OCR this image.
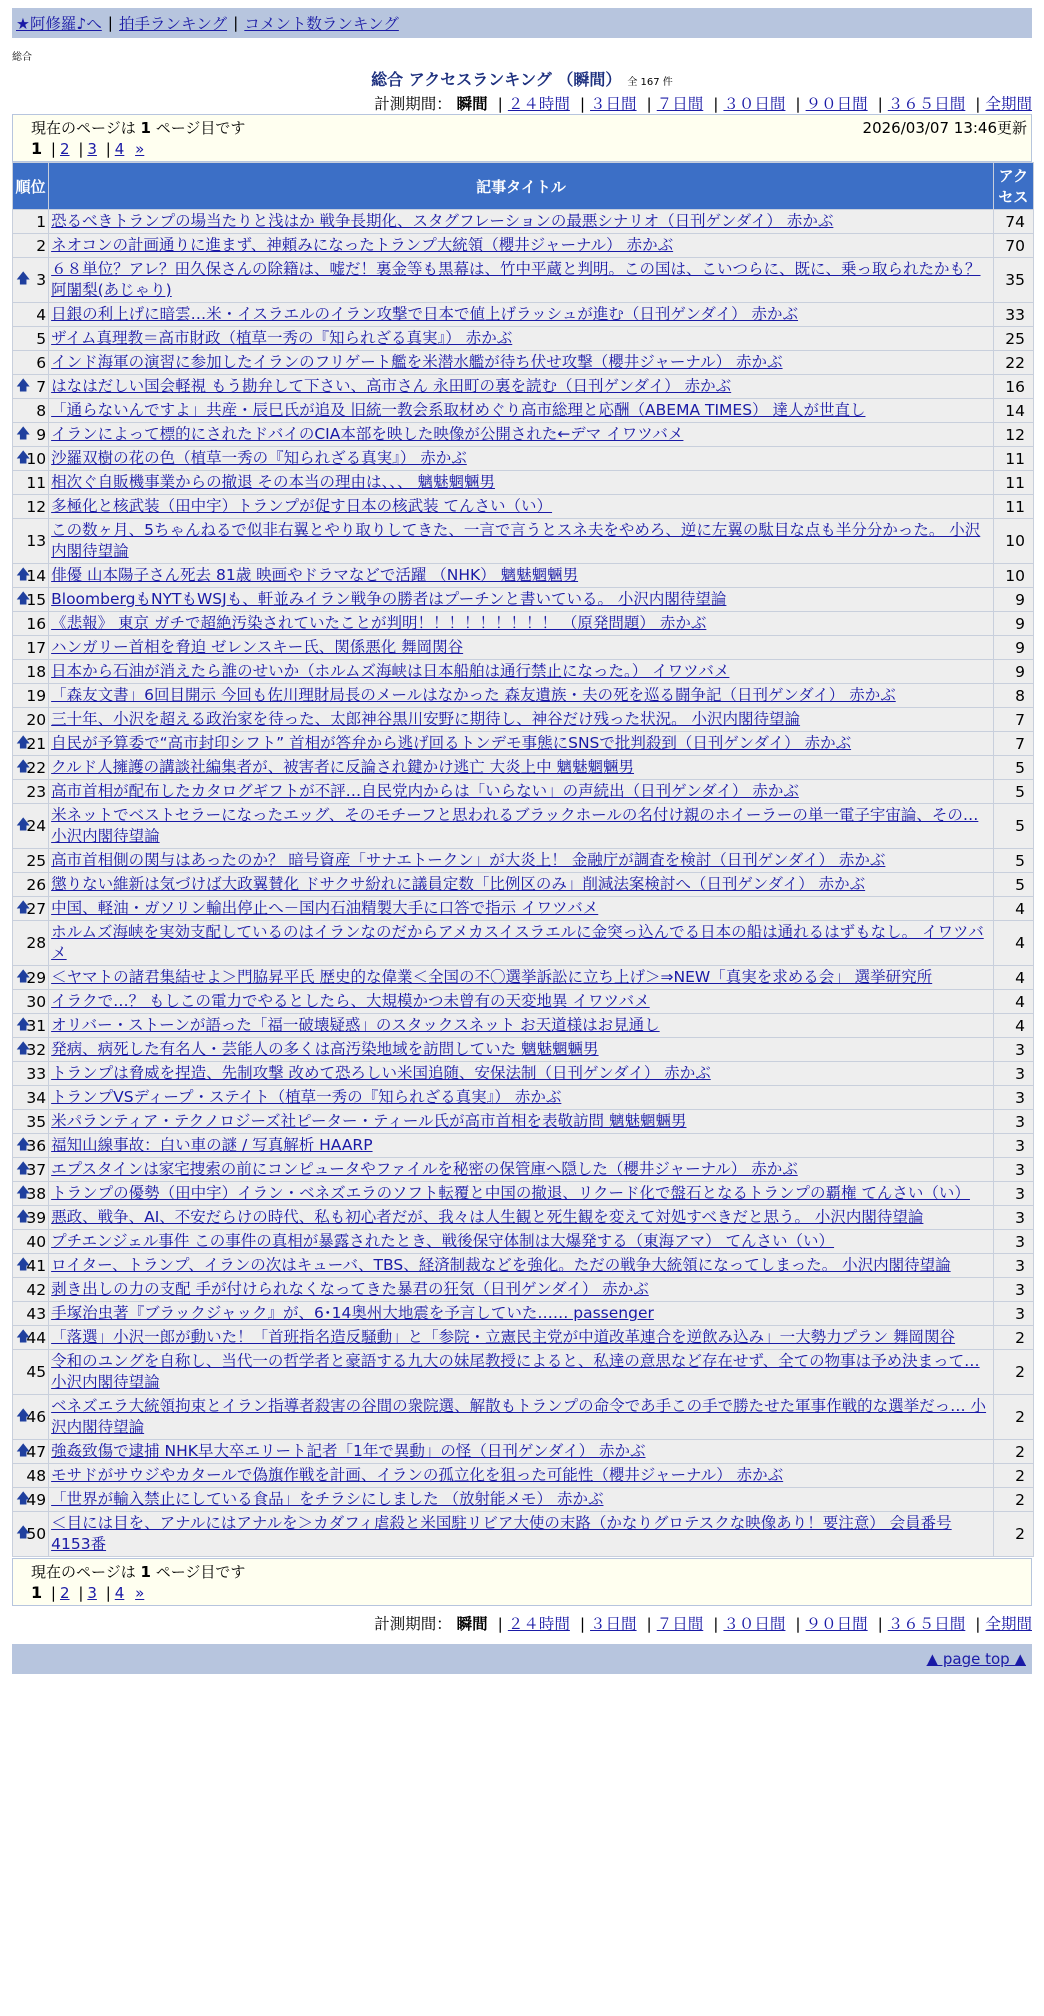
★阿修羅♪へ | 拍手ランキング | コメント数ランキング
総合
総合 アクセスランキング （瞬間） 全 167 件
計測期間： 瞬間 | ２４時間 | ３日間 | ７日間 | ３０日間 | ９０日間 | ３６５日間 | 全期間
現在のページは 1 ページ目です	2026/03/07 13:46更新
1 | 2 | 3 | 4 »
順位	記事タイトル	アクセス
1	恐るべきトランプの場当たりと浅はか 戦争長期化、スタグフレーションの最悪シナリオ（日刊ゲンダイ） 赤かぶ	74
2	ネオコンの計画通りに進まず、神頼みになったトランプ大統領（櫻井ジャーナル） 赤かぶ	70

🡅 3	６８単位？アレ？田久保さんの除籍は、嘘だ！裏金等も黒幕は、竹中平蔵と判明。この国は、こいつらに、既に、乗っ取られたかも？ 阿闍梨(あじゃり)	35
4	日銀の利上げに暗雲…米・イスラエルのイラン攻撃で日本で値上げラッシュが進む（日刊ゲンダイ） 赤かぶ	33
5	ザイム真理教＝高市財政（植草一秀の『知られざる真実』） 赤かぶ	25
6	インド海軍の演習に参加したイランのフリゲート艦を米潜水艦が待ち伏せ攻撃（櫻井ジャーナル） 赤かぶ	22

🡅 7	はなはだしい国会軽視 もう勘弁して下さい、高市さん 永田町の裏を読む（日刊ゲンダイ） 赤かぶ	16
8	「通らないんですよ」共産・辰巳氏が追及 旧統一教会系取材めぐり高市総理と応酬（ABEMA TIMES） 達人が世直し	14

🡅 9	イランによって標的にされたドバイのCIA本部を映した映像が公開された←デマ イワツバメ	12

🡅
10	沙羅双樹の花の色（植草一秀の『知られざる真実』） 赤かぶ	11
11	相次ぐ自販機事業からの撤退 その本当の理由は、、、 魑魅魍魎男	11
12	多極化と核武装（田中宇）トランプが促す日本の核武装 てんさい（い）	11
13	この数ヶ月、5ちゃんねるで似非右翼とやり取りしてきた、一言で言うとスネ夫をやめろ、逆に左翼の駄目な点も半分分かった。 小沢内閣待望論	10

🡅
14	俳優 山本陽子さん死去 81歳 映画やドラマなどで活躍 （NHK） 魑魅魍魎男	10

🡅
15	BloombergもNYTもWSJも、軒並みイラン戦争の勝者はプーチンと書いている。 小沢内閣待望論	9
16	《悲報》 東京 ガチで超絶汚染されていたことが判明！！！！！！！！！ （原発問題） 赤かぶ	9
17	ハンガリー首相を脅迫 ゼレンスキー氏、関係悪化 舞岡関谷	9
18	日本から石油が消えたら誰のせいか（ホルムズ海峡は日本船舶は通行禁止になった。） イワツバメ	9
19	「森友文書」6回目開示 今回も佐川理財局長のメールはなかった 森友遺族・夫の死を巡る闘争記（日刊ゲンダイ） 赤かぶ	8
20	三十年、小沢を超える政治家を待った、太郎神谷黒川安野に期待し、神谷だけ残った状況。 小沢内閣待望論	7

🡅
21	自民が予算委で“高市封印シフト” 首相が答弁から逃げ回るトンデモ事態にSNSで批判殺到（日刊ゲンダイ） 赤かぶ	7

🡅
22	クルド人擁護の講談社編集者が、被害者に反論され鍵かけ逃亡 大炎上中 魑魅魍魎男	5
23	高市首相が配布したカタログギフトが不評…自民党内からは「いらない」の声続出（日刊ゲンダイ） 赤かぶ	5

🡅
24	米ネットでベストセラーになったエッグ、そのモチーフと思われるブラックホールの名付け親のホイーラーの単一電子宇宙論、その… 小沢内閣待望論	5
25	高市首相側の関与はあったのか？ 暗号資産「サナエトークン」が大炎上！ 金融庁が調査を検討（日刊ゲンダイ） 赤かぶ	5
26	懲りない維新は気づけば大政翼賛化 ドサクサ紛れに議員定数「比例区のみ」削減法案検討へ（日刊ゲンダイ） 赤かぶ	5

🡅
27	中国、軽油・ガソリン輸出停止へ－国内石油精製大手に口答で指示 イワツバメ	4
28	ホルムズ海峡を実効支配しているのはイランなのだからアメカスイスラエルに金突っ込んでる日本の船は通れるはずもなし。 イワツバメ	4

🡅
29	＜ヤマトの諸君集結せよ＞門脇昇平氏 歴史的な偉業＜全国の不〇選挙訴訟に立ち上げ＞⇒NEW「真実を求める会」 選挙研究所	4
30	イラクで…？ もしこの電力でやるとしたら、大規模かつ未曾有の天変地異 イワツバメ	4

🡅
31	オリバー・ストーンが語った「福一破壊疑惑」のスタックスネット お天道様はお見通し	4

🡅
32	発病、病死した有名人・芸能人の多くは高汚染地域を訪問していた 魑魅魍魎男	3
33	トランプは脅威を捏造、先制攻撃 改めて恐ろしい米国追随、安保法制（日刊ゲンダイ） 赤かぶ	3
34	トランプVSディープ・ステイト（植草一秀の『知られざる真実』） 赤かぶ	3
35	米パランティア・テクノロジーズ社ピーター・ティール氏が高市首相を表敬訪問 魑魅魍魎男	3

🡅
36	福知山線事故：白い車の謎 / 写真解析 HAARP	3

🡅
37	エプスタインは家宅捜索の前にコンピュータやファイルを秘密の保管庫へ隠した（櫻井ジャーナル） 赤かぶ	3

🡅
38	トランプの優勢（田中宇）イラン・ベネズエラのソフト転覆と中国の撤退、リクード化で盤石となるトランプの覇権 てんさい（い）	3

🡅
39	悪政、戦争、AI、不安だらけの時代、私も初心者だが、我々は人生観と死生観を変えて対処すべきだと思う。 小沢内閣待望論	3
40	プチエンジェル事件 この事件の真相が暴露されたとき、戦後保守体制は大爆発する（東海アマ） てんさい（い）	3

🡅
41	ロイター、トランプ、イランの次はキューバ、TBS、経済制裁などを強化。ただの戦争大統領になってしまった。 小沢内閣待望論	3
42	剥き出しの力の支配 手が付けられなくなってきた暴君の狂気（日刊ゲンダイ） 赤かぶ	3
43	手塚治虫著『ブラックジャック』が、6･14奥州大地震を予言していた…… passenger	3

🡅
44	「落選」小沢一郎が動いた！「首班指名造反騒動」と「参院・立憲民主党が中道改革連合を逆飲み込み」一大勢力プラン 舞岡関谷	2
45	令和のユングを自称し、当代一の哲学者と豪語する九大の妹尾教授によると、私達の意思など存在せず、全ての物事は予め決まって… 小沢内閣待望論	2

🡅
46	ベネズエラ大統領拘束とイラン指導者殺害の谷間の衆院選、解散もトランプの命令であ手この手で勝たせた軍事作戦的な選挙だっ… 小沢内閣待望論	2

🡅
47	強姦致傷で逮捕 NHK早大卒エリート記者「1年で異動」の怪（日刊ゲンダイ） 赤かぶ	2
48	モサドがサウジやカタールで偽旗作戦を計画、イランの孤立化を狙った可能性（櫻井ジャーナル） 赤かぶ	2

🡅
49	「世界が輸入禁止にしている食品」をチラシにしました （放射能メモ） 赤かぶ	2

🡅
50	＜目には目を、アナルにはアナルを＞カダフィ虐殺と米国駐リビア大使の末路（かなりグロテスクな映像あり！要注意） 会員番号4153番	2
現在のページは 1 ページ目です
1 | 2 | 3 | 4 »
計測期間： 瞬間 | ２４時間 | ３日間 | ７日間 | ３０日間 | ９０日間 | ３６５日間 | 全期間
▲ page top ▲
